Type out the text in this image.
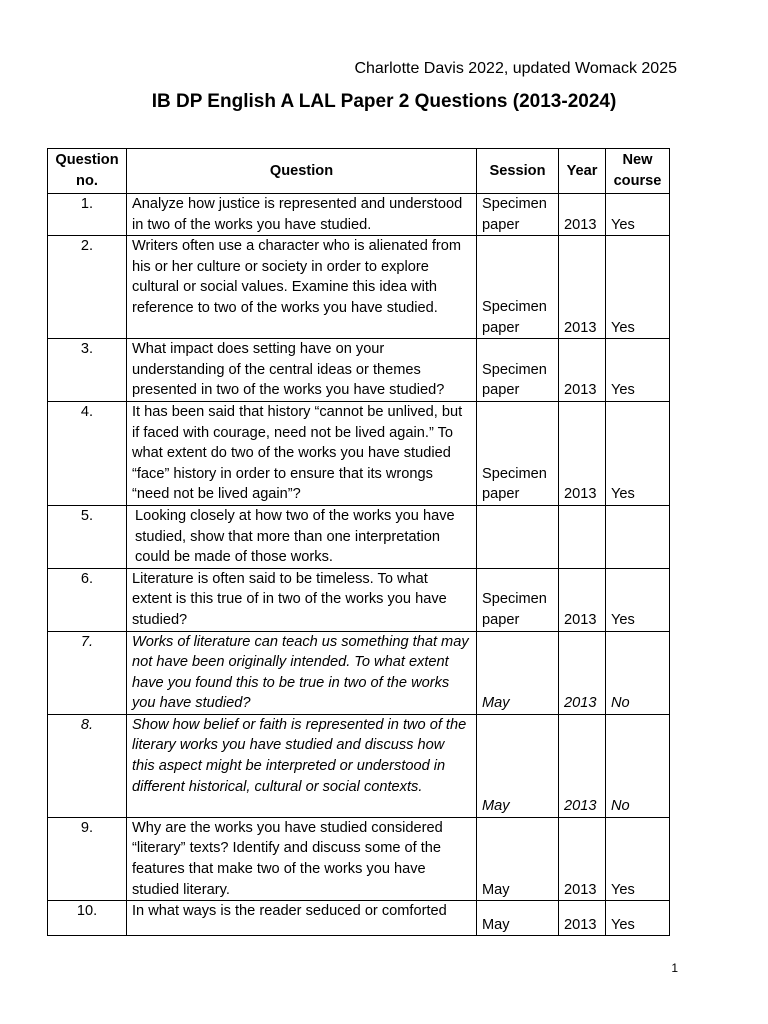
Charlotte Davis 2022, updated Womack 2025
IB DP English A LAL Paper 2 Questions (2013-2024)
Question no.	Question	Session	Year	New course
1.	Analyze how justice is represented and understood in two of the works you have studied.	Specimen paper	2013	Yes
2.	Writers often use a character who is alienated from his or her culture or society in order to explore cultural or social values. Examine this idea with reference to two of the works you have studied.	Specimen paper	2013	Yes
3.	What impact does setting have on your understanding of the central ideas or themes presented in two of the works you have studied?	Specimen paper	2013	Yes
4.	It has been said that history “cannot be unlived, but if faced with courage, need not be lived again.” To what extent do two of the works you have studied “face” history in order to ensure that its wrongs “need not be lived again”?	Specimen paper	2013	Yes
5.	Looking closely at how two of the works you have studied, show that more than one interpretation could be made of those works.			
6.	Literature is often said to be timeless. To what extent is this true of in two of the works you have studied?	Specimen paper	2013	Yes
7.	Works of literature can teach us something that may not have been originally intended. To what extent have you found this to be true in two of the works you have studied?	May	2013	No
8.	Show how belief or faith is represented in two of the literary works you have studied and discuss how this aspect might be interpreted or understood in different historical, cultural or social contexts.	May	2013	No
9.	Why are the works you have studied considered “literary” texts? Identify and discuss some of the features that make two of the works you have studied literary.	May	2013	Yes
10.	In what ways is the reader seduced or comforted	May	2013	Yes
1
